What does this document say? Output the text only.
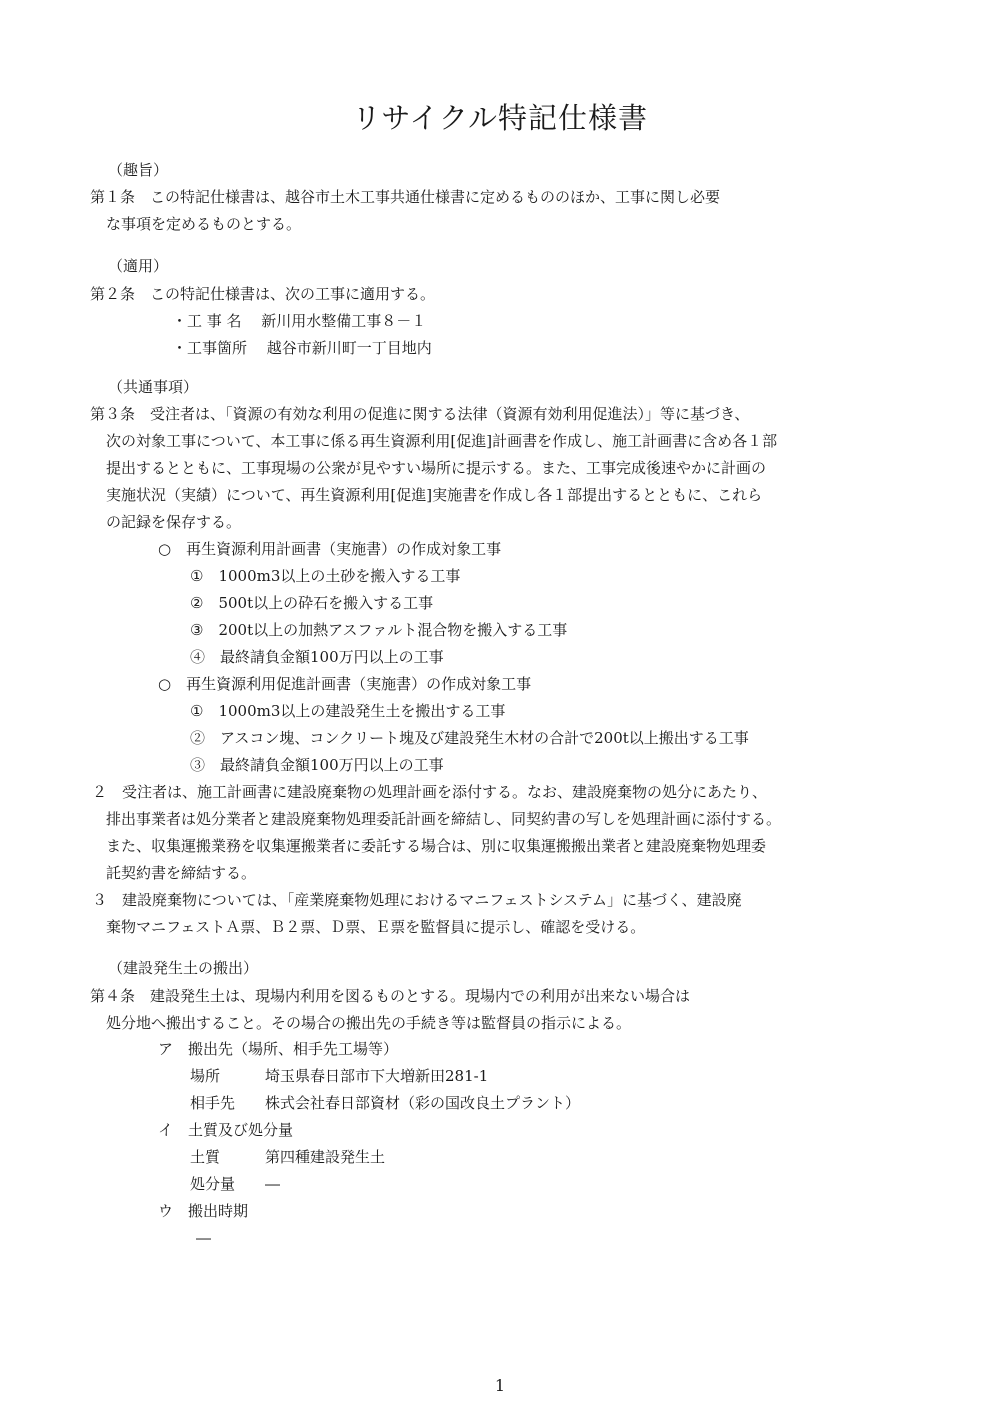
リサイクル特記仕様書
（趣旨）
第１条　この特記仕様書は、越谷市土木工事共通仕様書に定めるもののほか、工事に関し必要
な事項を定めるものとする。
（適用）
第２条　この特記仕様書は、次の工事に適用する。
・工 事 名　 新川用水整備工事８－１
・工事箇所　 越谷市新川町一丁目地内
（共通事項）
第３条　受注者は、「資源の有効な利用の促進に関する法律（資源有効利用促進法）」等に基づき、
次の対象工事について、本工事に係る再生資源利用[促進]計画書を作成し、施工計画書に含め各１部
提出するとともに、工事現場の公衆が見やすい場所に提示する。また、工事完成後速やかに計画の
実施状況（実績）について、再生資源利用[促進]実施書を作成し各１部提出するとともに、これら
の記録を保存する。
○　再生資源利用計画書（実施書）の作成対象工事
①　1000m3以上の土砂を搬入する工事
②　500t以上の砕石を搬入する工事
③　200t以上の加熱アスファルト混合物を搬入する工事
④　最終請負金額100万円以上の工事
○　再生資源利用促進計画書（実施書）の作成対象工事
①　1000m3以上の建設発生土を搬出する工事
②　アスコン塊、コンクリート塊及び建設発生木材の合計で200t以上搬出する工事
③　最終請負金額100万円以上の工事
２　受注者は、施工計画書に建設廃棄物の処理計画を添付する。なお、建設廃棄物の処分にあたり、
排出事業者は処分業者と建設廃棄物処理委託計画を締結し、同契約書の写しを処理計画に添付する。
また、収集運搬業務を収集運搬業者に委託する場合は、別に収集運搬搬出業者と建設廃棄物処理委
託契約書を締結する。
３　建設廃棄物については、「産業廃棄物処理におけるマニフェストシステム」に基づく、建設廃
棄物マニフェストＡ票、Ｂ２票、Ｄ票、Ｅ票を監督員に提示し、確認を受ける。
（建設発生土の搬出）
第４条　建設発生土は、現場内利用を図るものとする。現場内での利用が出来ない場合は
処分地へ搬出すること。その場合の搬出先の手続き等は監督員の指示による。
ア　搬出先（場所、相手先工場等）
場所	埼玉県春日部市下大増新田281-1
相手先 株式会社春日部資材（彩の国改良土プラント）
イ　土質及び処分量
土質	第四種建設発生土
処分量 ―
ウ　搬出時期
―
1
